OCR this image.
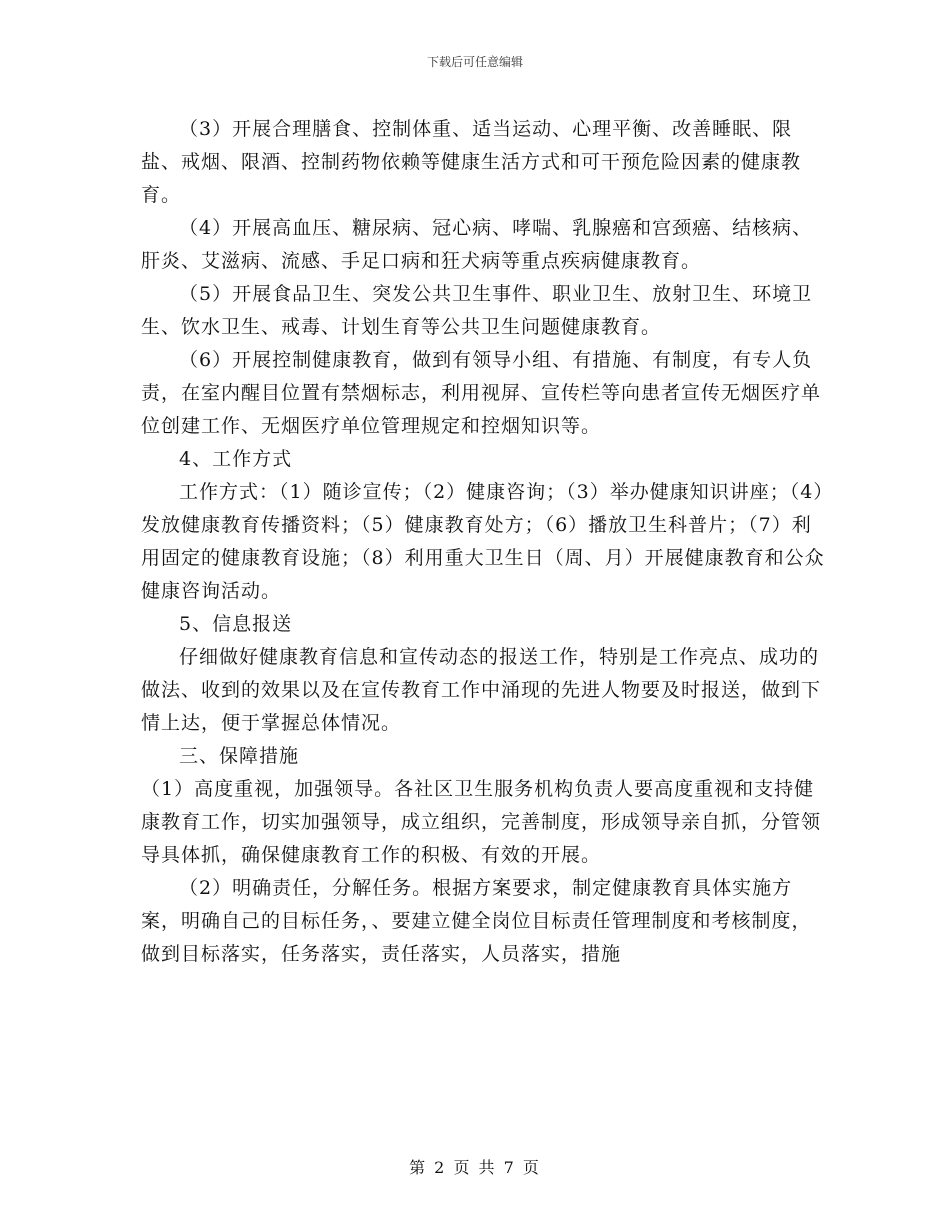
下载后可任意编辑

（3）开展合理膳食、控制体重、适当运动、心理平衡、改善睡眠、限盐、戒烟、限酒、控制药物依赖等健康生活方式和可干预危险因素的健康教育。

（4）开展高血压、糖尿病、冠心病、哮喘、乳腺癌和宫颈癌、结核病、肝炎、艾滋病、流感、手足口病和狂犬病等重点疾病健康教育。

（5）开展食品卫生、突发公共卫生事件、职业卫生、放射卫生、环境卫生、饮水卫生、戒毒、计划生育等公共卫生问题健康教育。

（6）开展控制健康教育，做到有领导小组、有措施、有制度，有专人负责，在室内醒目位置有禁烟标志，利用视屏、宣传栏等向患者宣传无烟医疗单位创建工作、无烟医疗单位管理规定和控烟知识等。

4、工作方式

工作方式：（1）随诊宣传；（2）健康咨询；（3）举办健康知识讲座；（4）发放健康教育传播资料；（5）健康教育处方；（6）播放卫生科普片；（7）利用固定的健康教育设施；（8）利用重大卫生日（周、月）开展健康教育和公众健康咨询活动。

5、信息报送

仔细做好健康教育信息和宣传动态的报送工作，特别是工作亮点、成功的做法、收到的效果以及在宣传教育工作中涌现的先进人物要及时报送，做到下情上达，便于掌握总体情况。

三、保障措施

（1）高度重视，加强领导。各社区卫生服务机构负责人要高度重视和支持健康教育工作，切实加强领导，成立组织，完善制度，形成领导亲自抓，分管领导具体抓，确保健康教育工作的积极、有效的开展。

（2）明确责任，分解任务。根据方案要求，制定健康教育具体实施方案，明确自己的目标任务，、要建立健全岗位目标责任管理制度和考核制度，做到目标落实，任务落实，责任落实，人员落实，措施

第 2 页 共 7 页
